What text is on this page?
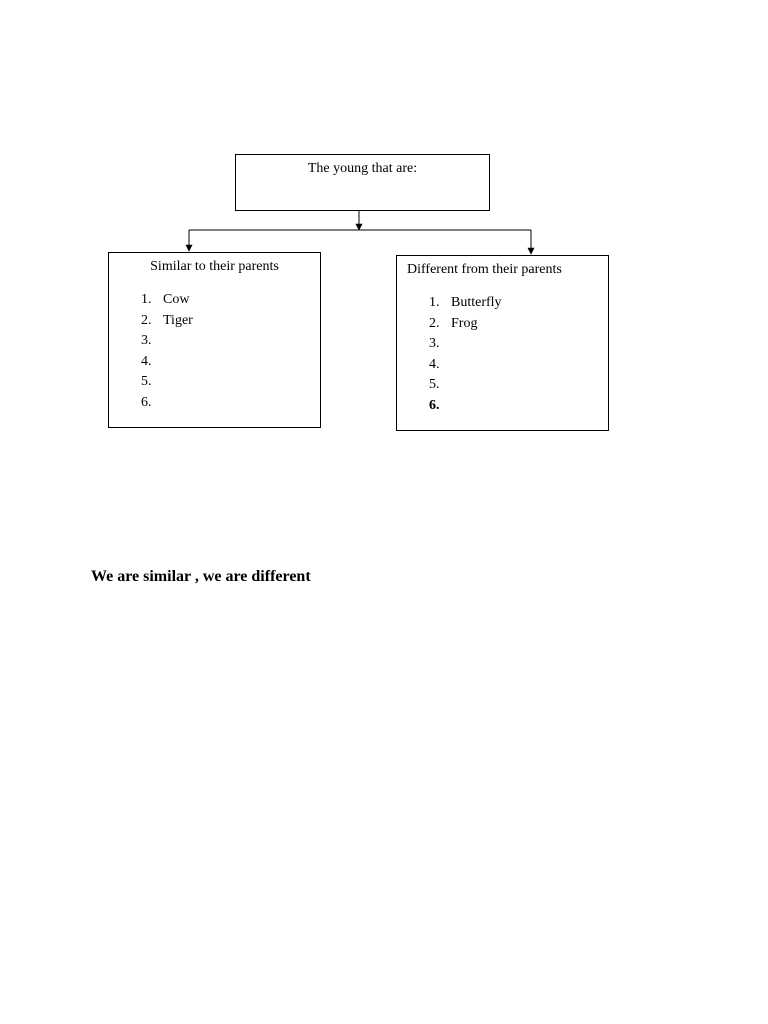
The young that are:
Similar to their parents
1. Cow
2. Tiger
3.
4.
5.
6.
Different from their parents
1. Butterfly
2. Frog
3.
4.
5.
6.
We are similar , we are different
